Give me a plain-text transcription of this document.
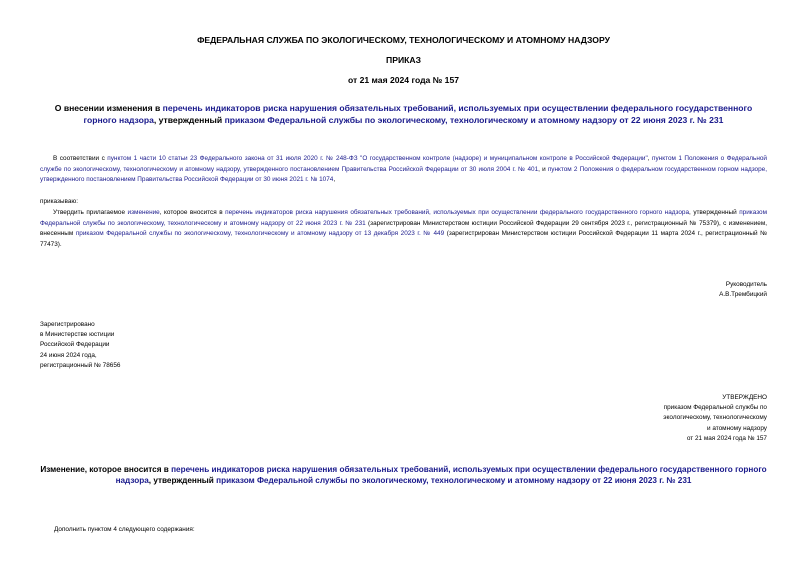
ФЕДЕРАЛЬНАЯ СЛУЖБА ПО ЭКОЛОГИЧЕСКОМУ, ТЕХНОЛОГИЧЕСКОМУ И АТОМНОМУ НАДЗОРУ
ПРИКАЗ
от 21 мая 2024 года № 157
О внесении изменения в перечень индикаторов риска нарушения обязательных требований, используемых при осуществлении федерального государственного горного надзора, утвержденный приказом Федеральной службы по экологическому, технологическому и атомному надзору от 22 июня 2023 г. № 231
В соответствии с пунктом 1 части 10 статьи 23 Федерального закона от 31 июля 2020 г. № 248-ФЗ "О государственном контроле (надзоре) и муниципальном контроле в Российской Федерации", пунктом 1 Положения о Федеральной службе по экологическому, технологическому и атомному надзору, утвержденного постановлением Правительства Российской Федерации от 30 июля 2004 г. № 401, и пунктом 2 Положения о федеральном государственном горном надзоре, утвержденного постановлением Правительства Российской Федерации от 30 июня 2021 г. № 1074,
приказываю:
Утвердить прилагаемое изменение, которое вносится в перечень индикаторов риска нарушения обязательных требований, используемых при осуществлении федерального государственного горного надзора, утвержденный приказом Федеральной службы по экологическому, технологическому и атомному надзору от 22 июня 2023 г. № 231 (зарегистрирован Министерством юстиции Российской Федерации 29 сентября 2023 г., регистрационный № 75379), с изменением, внесенным приказом Федеральной службы по экологическому, технологическому и атомному надзору от 13 декабря 2023 г. № 449 (зарегистрирован Министерством юстиции Российской Федерации 11 марта 2024 г., регистрационный № 77473).
Руководитель
А.В.Трембицкий
Зарегистрировано
в Министерстве юстиции
Российской Федерации
24 июня 2024 года,
регистрационный № 78656
УТВЕРЖДЕНО
приказом Федеральной службы по
экологическому, технологическому
и атомному надзору
от 21 мая 2024 года № 157
Изменение, которое вносится в перечень индикаторов риска нарушения обязательных требований, используемых при осуществлении федерального государственного горного надзора, утвержденный приказом Федеральной службы по экологическому, технологическому и атомному надзору от 22 июня 2023 г. № 231
Дополнить пунктом 4 следующего содержания:
